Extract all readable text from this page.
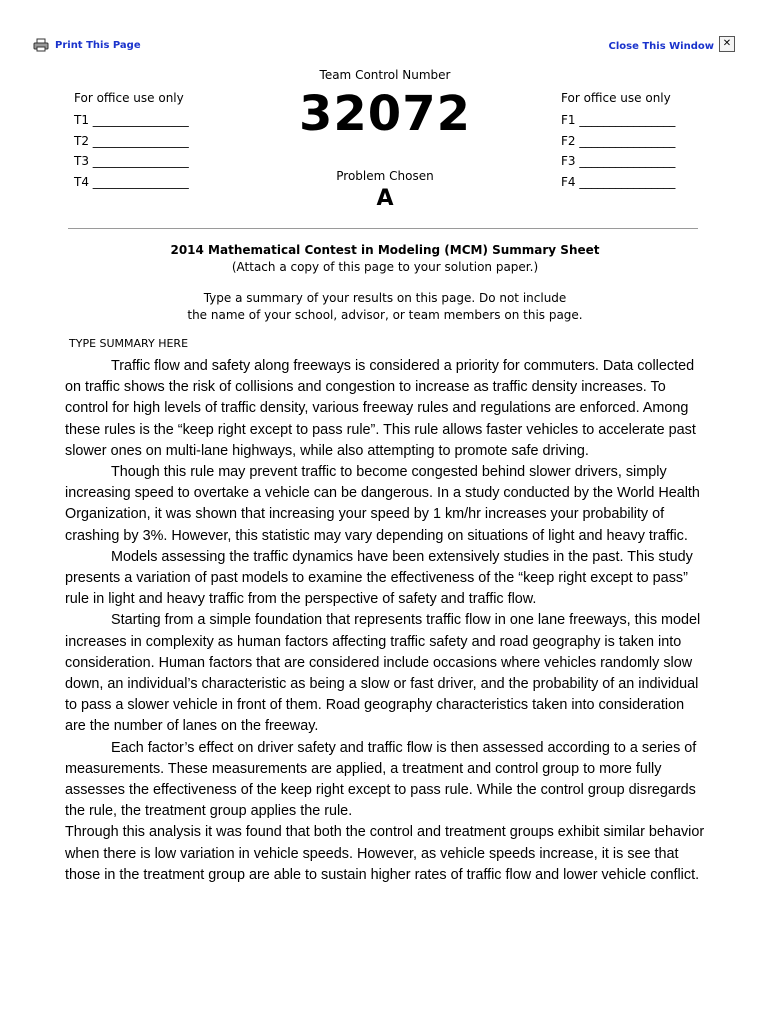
Print This Page	Close This Window ✕
For office use only
T1 ________________
T2 ________________
T3 ________________
T4 ________________
For office use only
F1 ________________
F2 ________________
F3 ________________
F4 ________________
Team Control Number
32072
Problem Chosen
A
2014 Mathematical Contest in Modeling (MCM) Summary Sheet
(Attach a copy of this page to your solution paper.)
Type a summary of your results on this page. Do not include
the name of your school, advisor, or team members on this page.
TYPE SUMMARY HERE

Traffic flow and safety along freeways is considered a priority for commuters. Data collected on traffic shows the risk of collisions and congestion to increase as traffic density increases. To control for high levels of traffic density, various freeway rules and regulations are enforced. Among these rules is the “keep right except to pass rule”. This rule allows faster vehicles to accelerate past slower ones on multi-lane highways, while also attempting to promote safe driving.

Though this rule may prevent traffic to become congested behind slower drivers, simply increasing speed to overtake a vehicle can be dangerous. In a study conducted by the World Health Organization, it was shown that increasing your speed by 1 km/hr increases your probability of crashing by 3%. However, this statistic may vary depending on situations of light and heavy traffic.

Models assessing the traffic dynamics have been extensively studies in the past. This study presents a variation of past models to examine the effectiveness of the “keep right except to pass” rule in light and heavy traffic from the perspective of safety and traffic flow.

Starting from a simple foundation that represents traffic flow in one lane freeways, this model increases in complexity as human factors affecting traffic safety and road geography is taken into consideration. Human factors that are considered include occasions where vehicles randomly slow down, an individual’s characteristic as being a slow or fast driver, and the probability of an individual to pass a slower vehicle in front of them. Road geography characteristics taken into consideration are the number of lanes on the freeway.

Each factor’s effect on driver safety and traffic flow is then assessed according to a series of measurements. These measurements are applied, a treatment and control group to more fully assesses the effectiveness of the keep right except to pass rule. While the control group disregards the rule, the treatment group applies the rule.

Through this analysis it was found that both the control and treatment groups exhibit similar behavior when there is low variation in vehicle speeds. However, as vehicle speeds increase, it is see that those in the treatment group are able to sustain higher rates of traffic flow and lower vehicle conflict.
